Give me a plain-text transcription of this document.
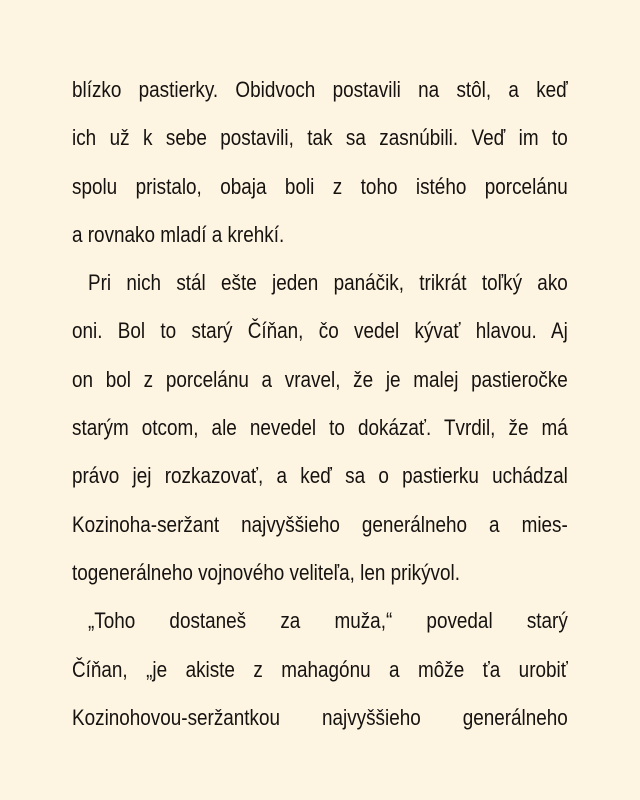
blízko pastierky. Obidvoch postavili na stôl, a keď
ich už k sebe postavili, tak sa zasnúbili. Veď im to
spolu pristalo, obaja boli z toho istého porcelánu
a rovnako mladí a krehkí.
Pri nich stál ešte jeden panáčik, trikrát toľký ako
oni. Bol to starý Číňan, čo vedel kývať hlavou. Aj
on bol z porcelánu a vravel, že je malej pastieročke
starým otcom, ale nevedel to dokázať. Tvrdil, že má
právo jej rozkazovať, a keď sa o pastierku uchádzal
Kozinoha-seržant najvyššieho generálneho a mies-
togenerálneho vojnového veliteľa, len prikývol.
„Toho dostaneš za muža,“ povedal starý
Číňan, „je akiste z mahagónu a môže ťa urobiť
Kozinohovou-seržantkou najvyššieho generálneho
